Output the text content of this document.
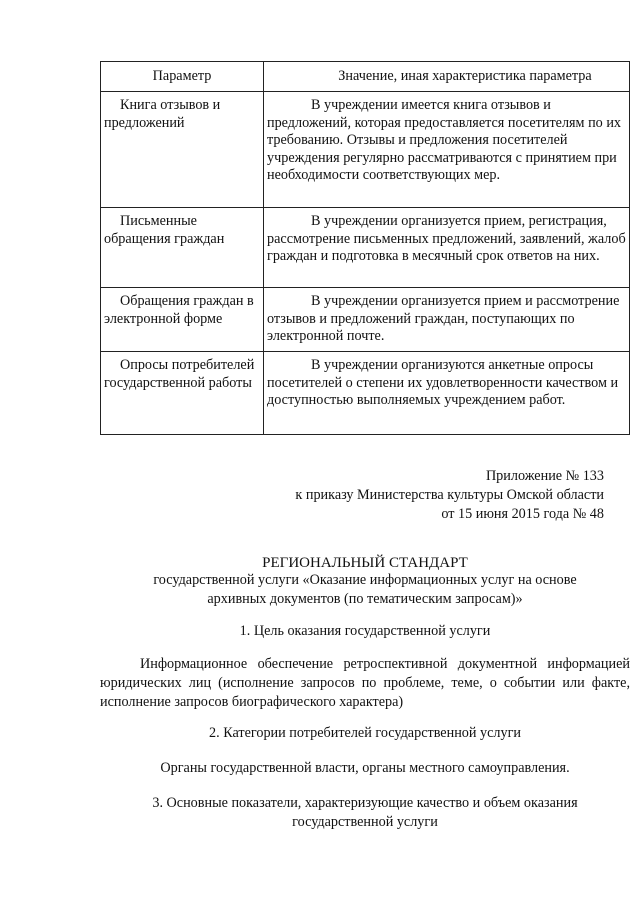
Параметр	Значение, иная характеристика параметра
Книга отзывов и предложений	В учреждении имеется книга отзывов и предложений, которая предоставляется посетителям по их требованию. Отзывы и предложения посетителей учреждения регулярно рассматриваются с принятием при необходимости соответствующих мер.
Письменные обращения граждан	В учреждении организуется прием, регистрация, рассмотрение письменных предложений, заявлений, жалоб граждан и подготовка в месячный срок ответов на них.
Обращения граждан в электронной форме	В учреждении организуется прием и рассмотрение отзывов и предложений граждан, поступающих по электронной почте.
Опросы потребителей государственной работы	В учреждении организуются анкетные опросы посетителей о степени их удовлетворенности качеством и доступностью выполняемых учреждением работ.
Приложение № 133
к приказу Министерства культуры Омской области
от 15 июня 2015 года № 48
РЕГИОНАЛЬНЫЙ СТАНДАРТ
государственной услуги «Оказание информационных услуг на основе
архивных документов (по тематическим запросам)»
1. Цель оказания государственной услуги
Информационное обеспечение ретроспективной документной информацией юридических лиц (исполнение запросов по проблеме, теме, о событии или факте, исполнение запросов биографического характера)
2. Категории потребителей государственной услуги
Органы государственной власти, органы местного самоуправления.
3. Основные показатели, характеризующие качество и объем оказания
государственной услуги
